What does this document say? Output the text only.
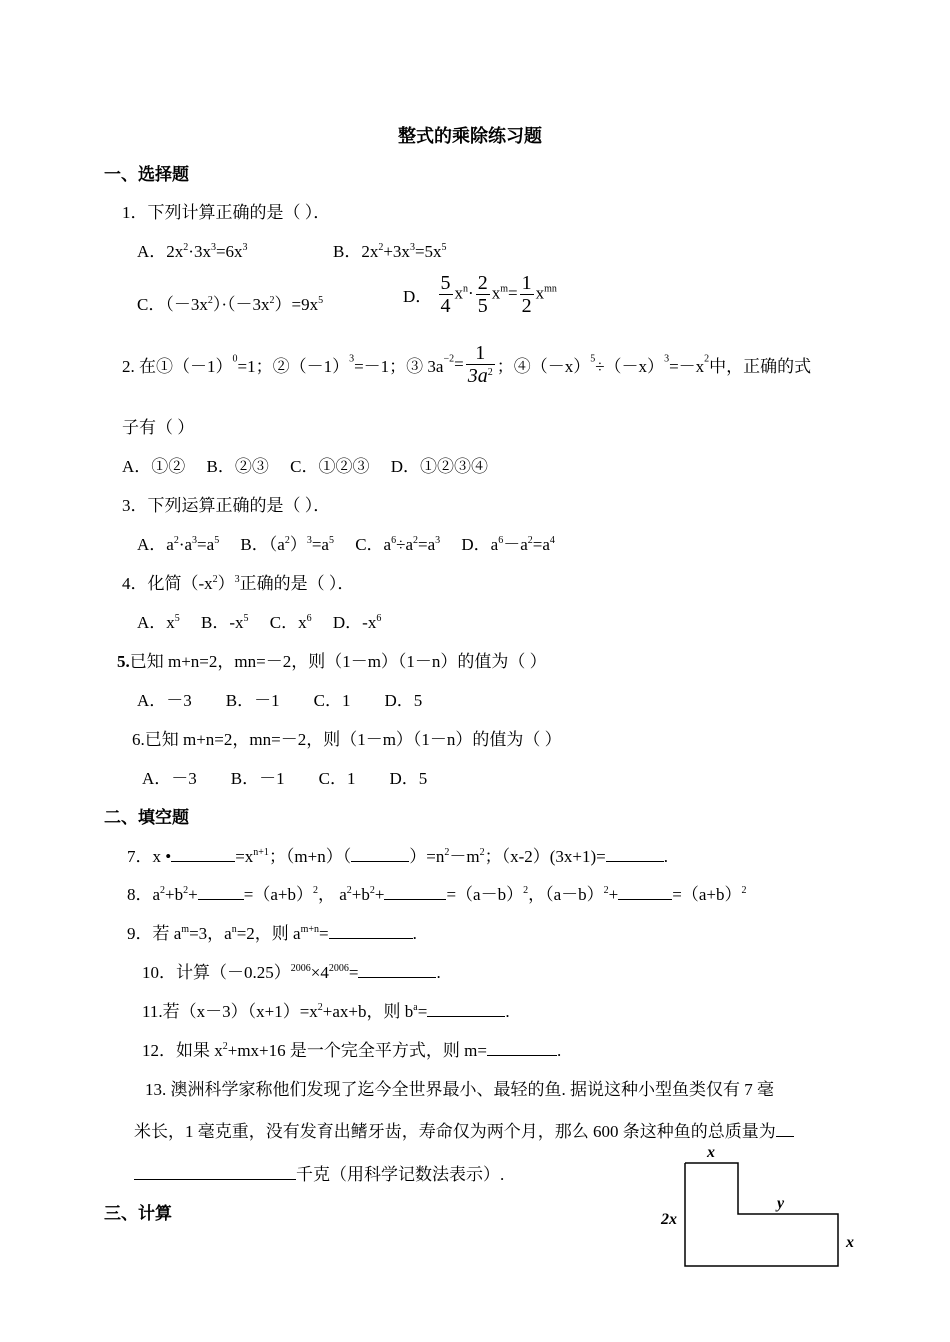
整式的乘除练习题
一、选择题
1．下列计算正确的是（ ）．
A．$2x^2\cdot 3x^3=6x^3$	B．$2x^2+3x^3=5x^5$
C．$(-3x^2)\cdot(-3x^2)=9x^5$	D． $\frac{5}{4} x^n\cdot \frac{2}{5} x^m= \frac{1}{2} x^{mn}$
2. 在$①(-1)^0=1$；$②(-1)^3=-1$；③ $3a^{-2}= \frac{1}{3a^2}$ ；$④(-x)^5\div(-x)^3=-x^2$中，正确的式
子有（ ）
A．①②　 B．②③　 C．①②③　 D．①②③④
3．下列运算正确的是（ ）．
A．$a^2\cdot a^3=a^5$　 B．$(a^2)^3=a^5$　 C．$a^6\div a^2=a^3$　 D．$a^6-a^2=a^4$
4．化简$(-x^2)^3$正确的是（ ）．
A．$x^5$　 B．$-x^5$　 C．$x^6$　 D．$-x^6$
5.已知 m+n=2，mn=－2，则（1－m）（1－n）的值为（ ）
A．－3　　B．－1　　C．1　　D．5
6.已知 m+n=2，mn=－2，则（1－m）（1－n）的值为（ ）
A．－3　　B．－1　　C．1　　D．5
二、填空题
7．x •	$=x^{n+1}$；（m+n）（	）$=n^2-m^2$；（x-2）(3x+1)=	.
8．$a^2+b^2+$	$=(a+b)^2$， $a^2+b^2+$	$=(a-b)^2$，$(a-b)^2+$	$=(a+b)^2$
9．若 $a^m=3$，$a^n=2$，则 $a^{m+n}=$	.
10．计算$(-0.25)^{2006}\times 4^{2006}=$	.
11.若$(x-3)(x+1)=x^2+ax+b$，则 $b^a=$	.
12．如果 $x^2+mx+16$ 是一个完全平方式，则 m=	.
13. 澳洲科学家称他们发现了迄今全世界最小、最轻的鱼. 据说这种小型鱼类仅有 7 毫
米长，1 毫克重，没有发育出鳍牙齿，寿命仅为两个月，那么 600 条这种鱼的总质量为
千克（用科学记数法表示）.
三、计算
x
2x
y
x
